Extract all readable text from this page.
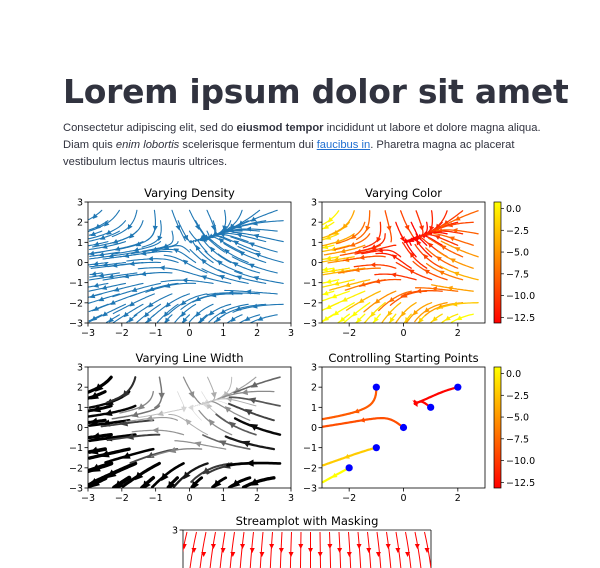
Lorem ipsum dolor sit amet

Consectetur adipiscing elit, sed do eiusmod tempor incididunt ut labore et dolore magna aliqua. Diam quis enim lobortis scelerisque fermentum dui faucibus in. Pharetra magna ac placerat vestibulum lectus mauris ultrices.

Varying Density
−3 −2 −1	0	1	2	3
3
2
1
0
−1
−2
−3
Varying Color
−2	0	2
3
2
1
0
−1
−2
−3
0.0
−2.5
−5.0
−7.5
−10.0
−12.5
Varying Line Width
−3 −2 −1	0	1	2	3
3
2
1
0
−1
−2
−3
Controlling Starting Points
−2	0	2
3
2
1
0
−1
−2
−3
0.0
−2.5
−5.0
−7.5
−10.0
−12.5
Streamplot with Masking
3
